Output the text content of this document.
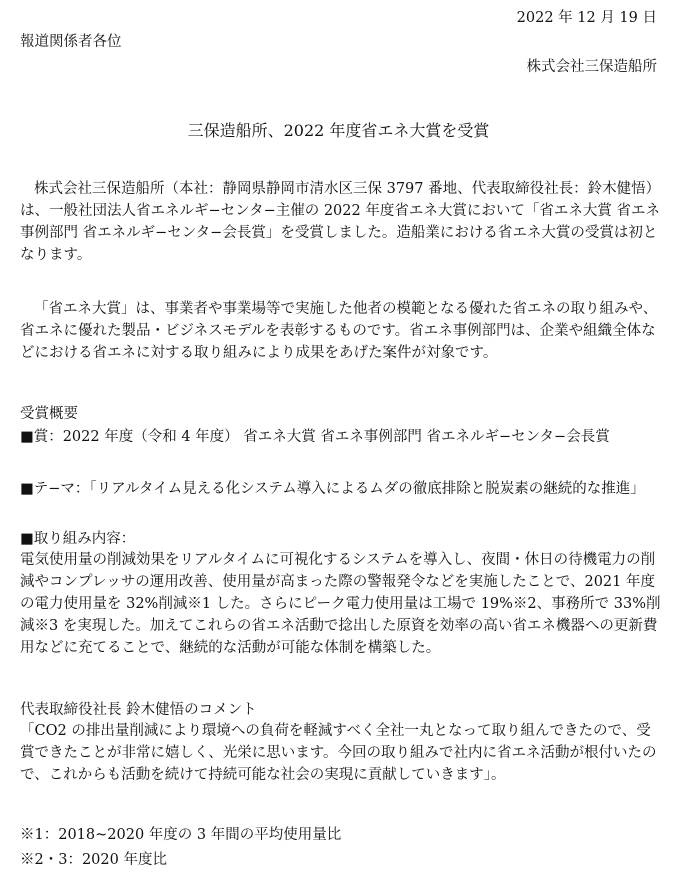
2022 年 12 月 19 日
報道関係者各位
株式会社三保造船所
三保造船所、2022 年度省エネ大賞を受賞

株式会社三保造船所（本社：静岡県静岡市清水区三保 3797 番地、代表取締役社長：鈴木健悟）は、一般社団法人省エネルギ−センタ−主催の 2022 年度省エネ大賞において「省エネ大賞 省エネ事例部門 省エネルギ−センタ−会長賞」を受賞しました。造船業における省エネ大賞の受賞は初となります。

「省エネ大賞」は、事業者や事業場等で実施した他者の模範となる優れた省エネの取り組みや、省エネに優れた製品・ビジネスモデルを表彰するものです。省エネ事例部門は、企業や組織全体などにおける省エネに対する取り組みにより成果をあげた案件が対象です。

受賞概要
■賞：2022 年度（令和 4 年度） 省エネ大賞 省エネ事例部門 省エネルギ−センタ−会長賞
■テ−マ：「リアルタイム見える化システム導入によるムダの徹底排除と脱炭素の継続的な推進」
■取り組み内容：

電気使用量の削減効果をリアルタイムに可視化するシステムを導入し、夜間・休日の待機電力の削減やコンプレッサの運用改善、使用量が高まった際の警報発令などを実施したことで、2021 年度の電力使用量を 32%削減※1 した。さらにピーク電力使用量は工場で 19%※2、事務所で 33%削減※3 を実現した。加えてこれらの省エネ活動で捻出した原資を効率の高い省エネ機器への更新費用などに充てることで、継続的な活動が可能な体制を構築した。

代表取締役社長 鈴木健悟のコメント

「CO2 の排出量削減により環境への負荷を軽減すべく全社一丸となって取り組んできたので、受賞できたことが非常に嬉しく、光栄に思います。今回の取り組みで社内に省エネ活動が根付いたので、これからも活動を続けて持続可能な社会の実現に貢献していきます」。

※1：2018~2020 年度の 3 年間の平均使用量比
※2・3：2020 年度比
